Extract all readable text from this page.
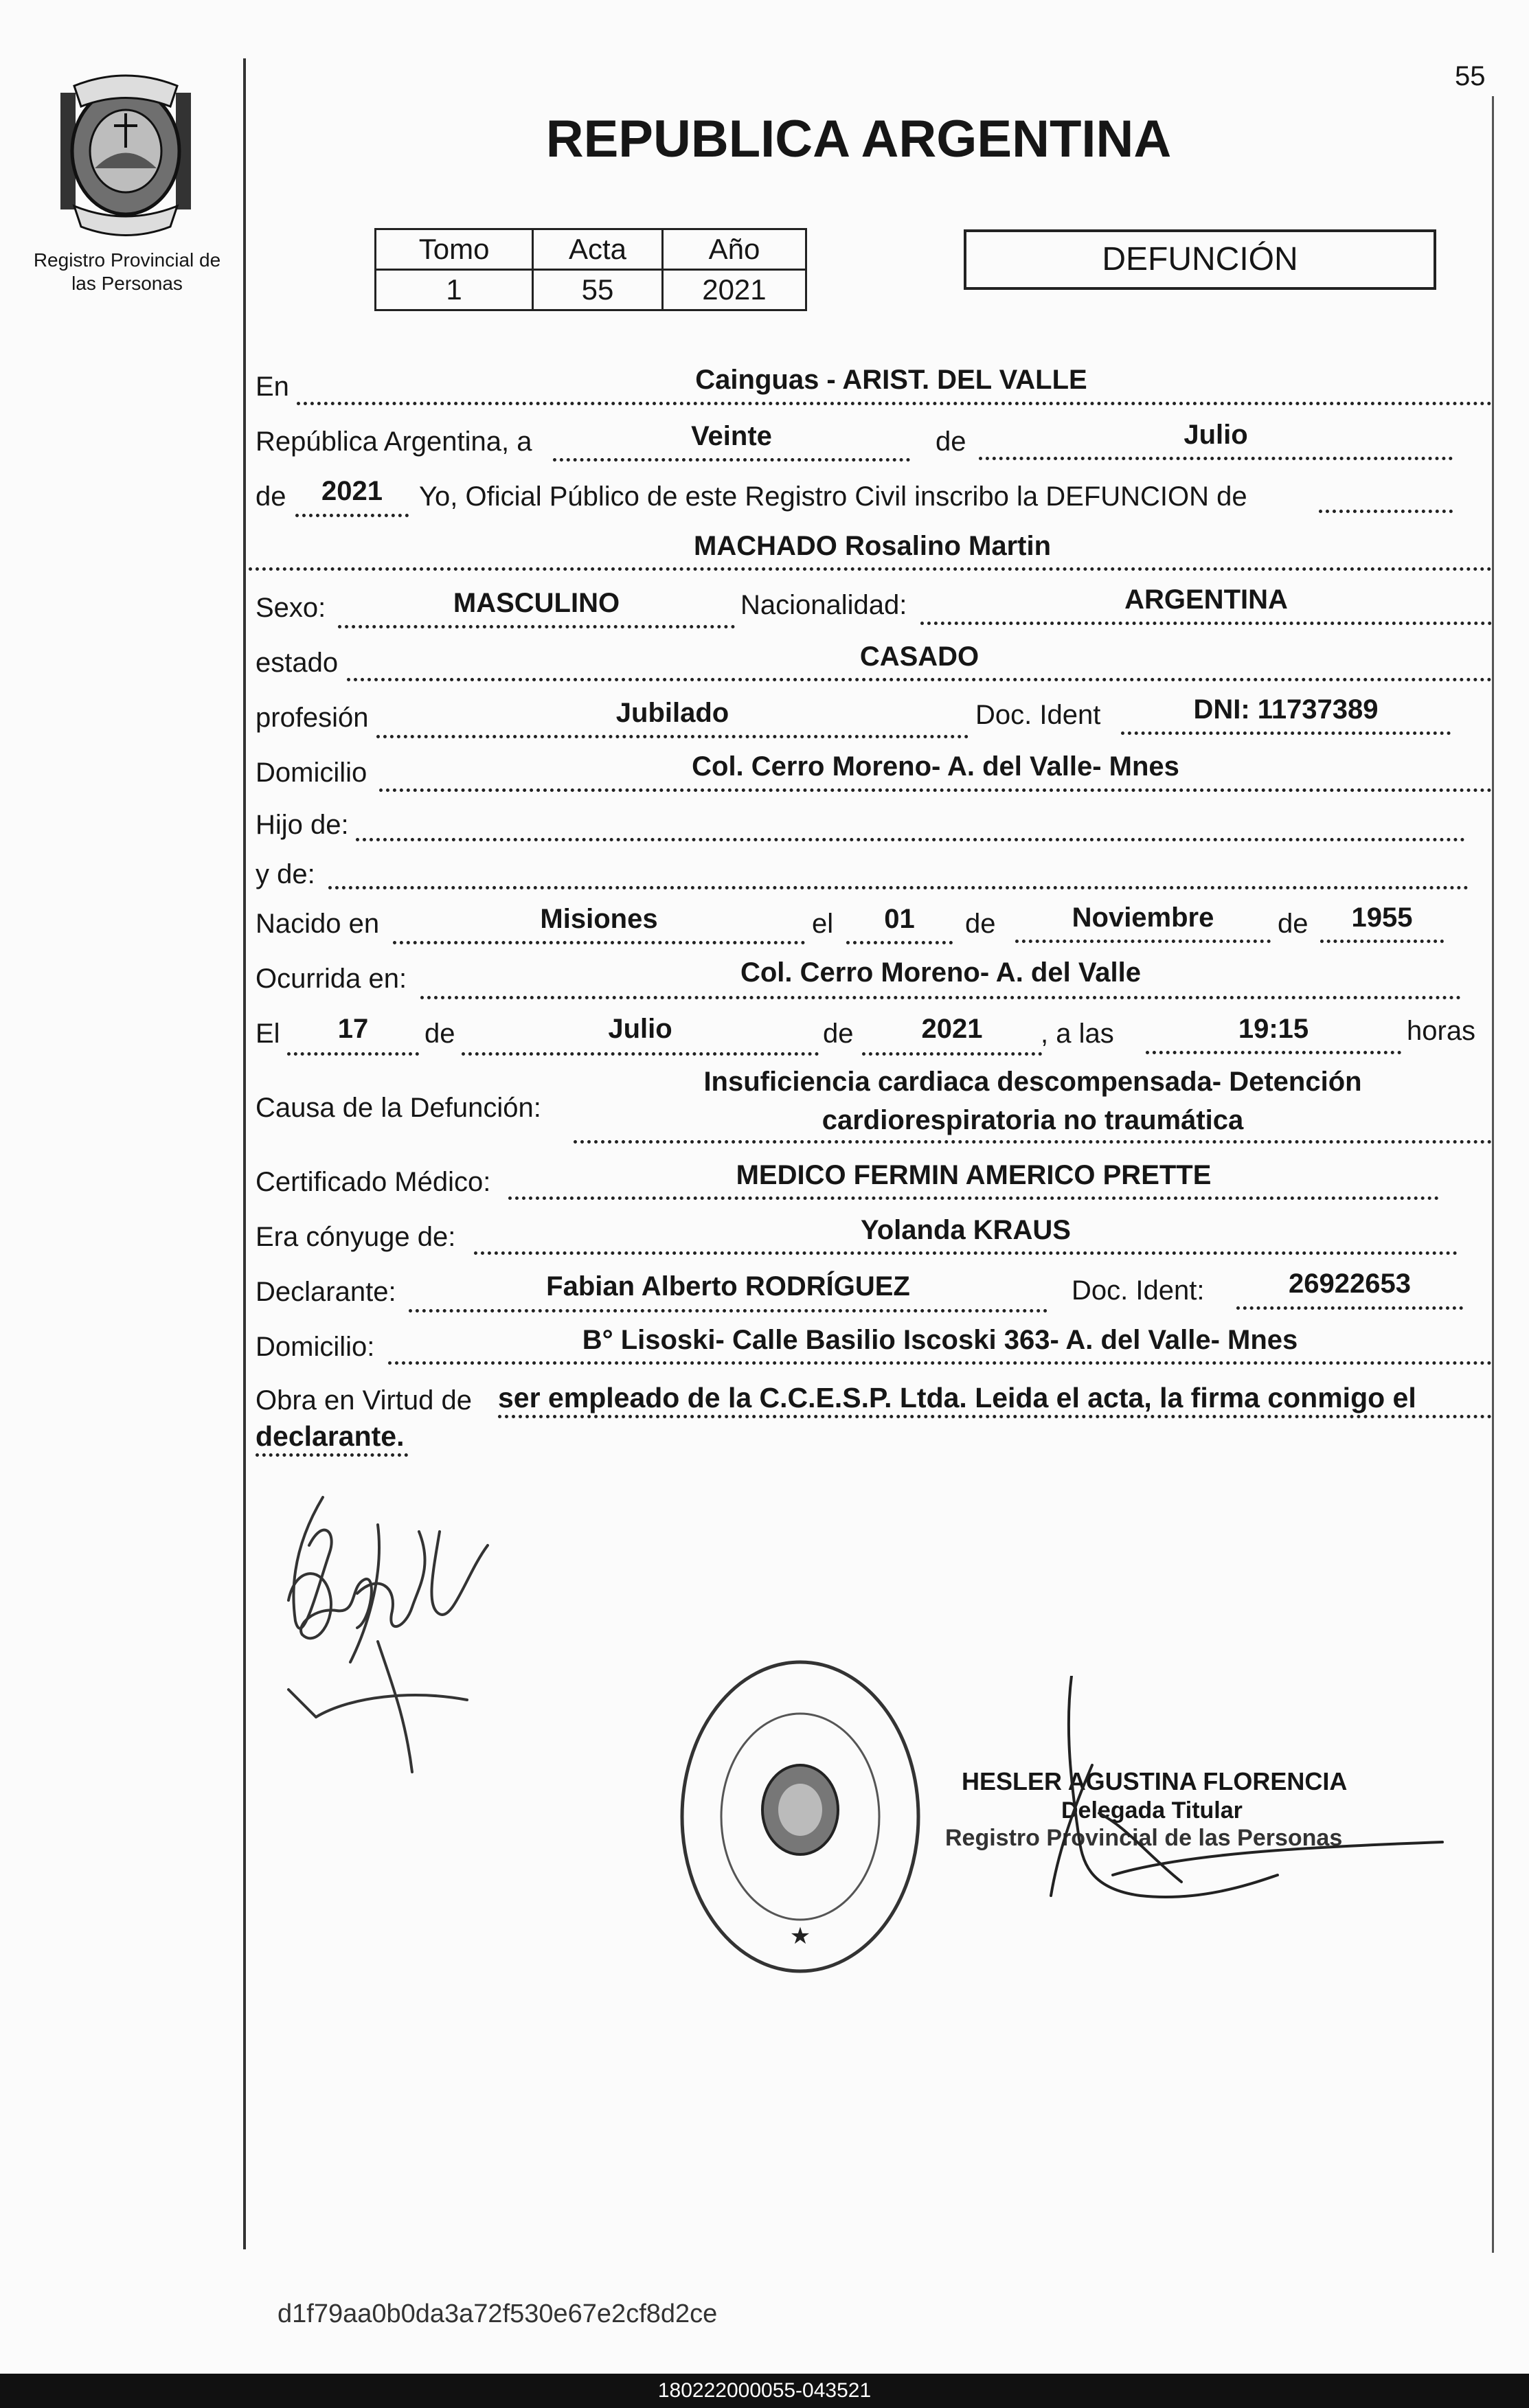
55
Registro Provincial de
las Personas
REPUBLICA ARGENTINA
Tomo	Acta	Año
1	55	2021
DEFUNCIÓN
En	Cainguas - ARIST. DEL VALLE
República Argentina, a	Veinte	de	Julio
de	2021	Yo, Oficial Público de este Registro Civil inscribo la DEFUNCION de
MACHADO Rosalino Martin
Sexo:	MASCULINO	Nacionalidad:	ARGENTINA
estado	CASADO
profesión	Jubilado	Doc. Ident	DNI: 11737389
Domicilio	Col. Cerro Moreno- A. del Valle- Mnes
Hijo de:
y de:
Nacido en	Misiones	el	01	de	Noviembre	de	1955
Ocurrida en:	Col. Cerro Moreno- A. del Valle
El	17	de	Julio	de	2021	, a las	19:15	horas
Causa de la Defunción:
Insuficiencia cardiaca descompensada- Detención
cardiorespiratoria no traumática
Certificado Médico:	MEDICO FERMIN AMERICO PRETTE
Era cónyuge de:	Yolanda KRAUS
Declarante:	Fabian Alberto RODRÍGUEZ	Doc. Ident:	26922653
Domicilio:	B° Lisoski- Calle Basilio Iscoski 363- A. del Valle- Mnes
Obra en Virtud de ser empleado de la C.C.E.S.P. Ltda. Leida el acta, la firma conmigo el
declarante.
★
HESLER AGUSTINA FLORENCIA
Delegada Titular
Registro Provincial de las Personas
d1f79aa0b0da3a72f530e67e2cf8d2ce
180222000055-043521
